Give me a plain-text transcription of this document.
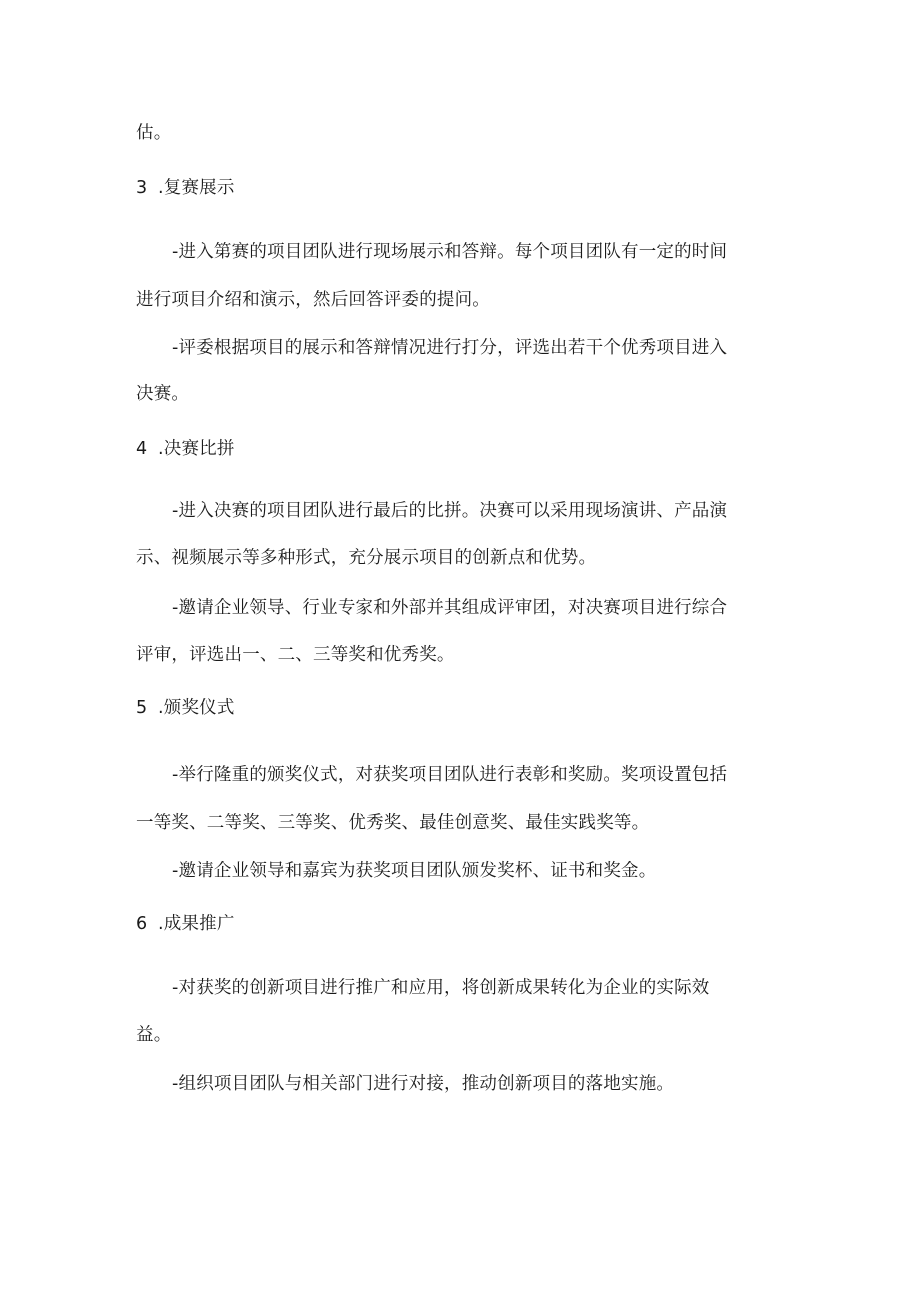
估。
3 .复赛展示
-进入第赛的项目团队进行现场展示和答辩。每个项目团队有一定的时间
进行项目介绍和演示，然后回答评委的提问。
-评委根据项目的展示和答辩情况进行打分，评选出若干个优秀项目进入
决赛。
4 .决赛比拼
-进入决赛的项目团队进行最后的比拼。决赛可以采用现场演讲、产品演
示、视频展示等多种形式，充分展示项目的创新点和优势。
-邀请企业领导、行业专家和外部并其组成评审团，对决赛项目进行综合
评审，评选出一、二、三等奖和优秀奖。
5 .颁奖仪式
-举行隆重的颁奖仪式，对获奖项目团队进行表彰和奖励。奖项设置包括
一等奖、二等奖、三等奖、优秀奖、最佳创意奖、最佳实践奖等。
-邀请企业领导和嘉宾为获奖项目团队颁发奖杯、证书和奖金。
6 .成果推广
-对获奖的创新项目进行推广和应用，将创新成果转化为企业的实际效
益。
-组织项目团队与相关部门进行对接，推动创新项目的落地实施。
